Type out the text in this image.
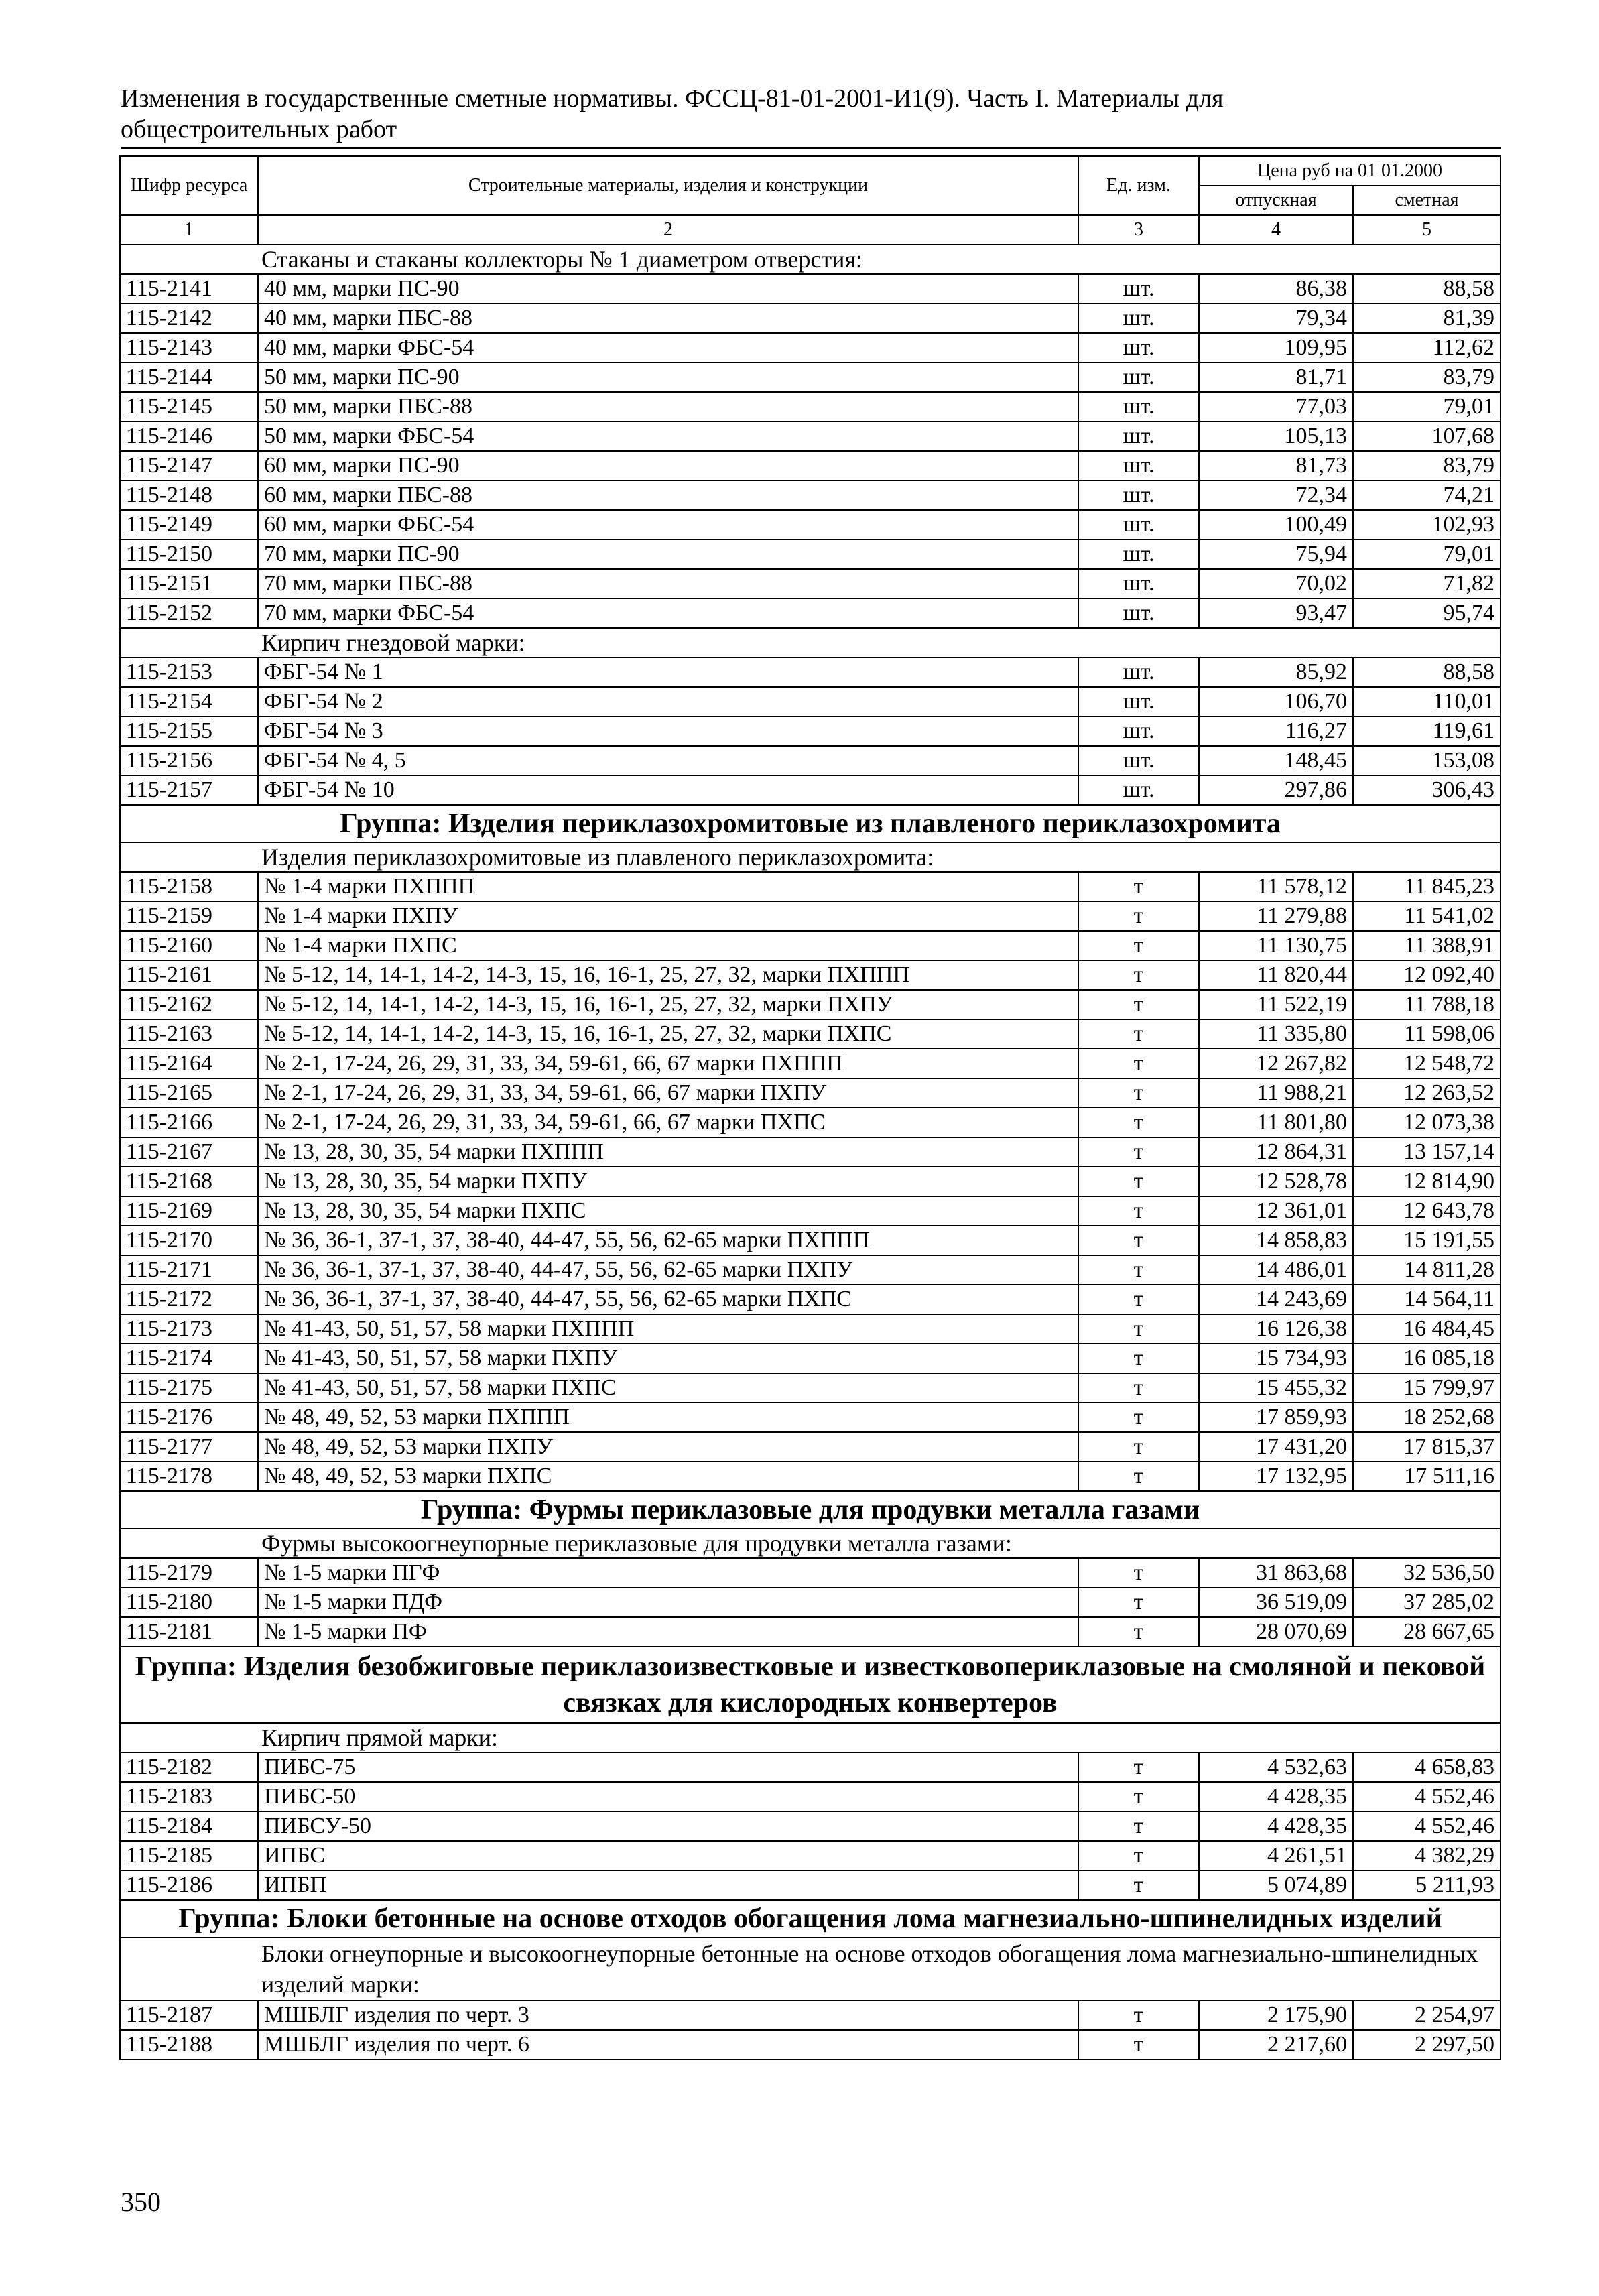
Изменения в государственные сметные нормативы. ФССЦ-81-01-2001-И1(9). Часть I. Материалы для
общестроительных работ
Шифр ресурса	Строительные материалы, изделия и конструкции	Ед. изм.	Цена руб на 01 01.2000	
			отпускная	сметная
1	2	3	4	5
Стаканы и стаканы коллекторы № 1 диаметром отверстия:				
115-2141	40 мм, марки ПС-90	шт.	86,38	88,58
115-2142	40 мм, марки ПБС-88	шт.	79,34	81,39
115-2143	40 мм, марки ФБС-54	шт.	109,95	112,62
115-2144	50 мм, марки ПС-90	шт.	81,71	83,79
115-2145	50 мм, марки ПБС-88	шт.	77,03	79,01
115-2146	50 мм, марки ФБС-54	шт.	105,13	107,68
115-2147	60 мм, марки ПС-90	шт.	81,73	83,79
115-2148	60 мм, марки ПБС-88	шт.	72,34	74,21
115-2149	60 мм, марки ФБС-54	шт.	100,49	102,93
115-2150	70 мм, марки ПС-90	шт.	75,94	79,01
115-2151	70 мм, марки ПБС-88	шт.	70,02	71,82
115-2152	70 мм, марки ФБС-54	шт.	93,47	95,74
Кирпич гнездовой марки:				
115-2153	ФБГ-54 № 1	шт.	85,92	88,58
115-2154	ФБГ-54 № 2	шт.	106,70	110,01
115-2155	ФБГ-54 № 3	шт.	116,27	119,61
115-2156	ФБГ-54 № 4, 5	шт.	148,45	153,08
115-2157	ФБГ-54 № 10	шт.	297,86	306,43
Группа: Изделия периклазохромитовые из плавленого периклазохромита				
Изделия периклазохромитовые из плавленого периклазохромита:				
115-2158	№ 1-4 марки ПХППП	т	11 578,12	11 845,23
115-2159	№ 1-4 марки ПХПУ	т	11 279,88	11 541,02
115-2160	№ 1-4 марки ПХПС	т	11 130,75	11 388,91
115-2161	№ 5-12, 14, 14-1, 14-2, 14-3, 15, 16, 16-1, 25, 27, 32, марки ПХППП	т	11 820,44	12 092,40
115-2162	№ 5-12, 14, 14-1, 14-2, 14-3, 15, 16, 16-1, 25, 27, 32, марки ПХПУ	т	11 522,19	11 788,18
115-2163	№ 5-12, 14, 14-1, 14-2, 14-3, 15, 16, 16-1, 25, 27, 32, марки ПХПС	т	11 335,80	11 598,06
115-2164	№ 2-1, 17-24, 26, 29, 31, 33, 34, 59-61, 66, 67 марки ПХППП	т	12 267,82	12 548,72
115-2165	№ 2-1, 17-24, 26, 29, 31, 33, 34, 59-61, 66, 67 марки ПХПУ	т	11 988,21	12 263,52
115-2166	№ 2-1, 17-24, 26, 29, 31, 33, 34, 59-61, 66, 67 марки ПХПС	т	11 801,80	12 073,38
115-2167	№ 13, 28, 30, 35, 54 марки ПХППП	т	12 864,31	13 157,14
115-2168	№ 13, 28, 30, 35, 54 марки ПХПУ	т	12 528,78	12 814,90
115-2169	№ 13, 28, 30, 35, 54 марки ПХПС	т	12 361,01	12 643,78
115-2170	№ 36, 36-1, 37-1, 37, 38-40, 44-47, 55, 56, 62-65 марки ПХППП	т	14 858,83	15 191,55
115-2171	№ 36, 36-1, 37-1, 37, 38-40, 44-47, 55, 56, 62-65 марки ПХПУ	т	14 486,01	14 811,28
115-2172	№ 36, 36-1, 37-1, 37, 38-40, 44-47, 55, 56, 62-65 марки ПХПС	т	14 243,69	14 564,11
115-2173	№ 41-43, 50, 51, 57, 58 марки ПХППП	т	16 126,38	16 484,45
115-2174	№ 41-43, 50, 51, 57, 58 марки ПХПУ	т	15 734,93	16 085,18
115-2175	№ 41-43, 50, 51, 57, 58 марки ПХПС	т	15 455,32	15 799,97
115-2176	№ 48, 49, 52, 53 марки ПХППП	т	17 859,93	18 252,68
115-2177	№ 48, 49, 52, 53 марки ПХПУ	т	17 431,20	17 815,37
115-2178	№ 48, 49, 52, 53 марки ПХПС	т	17 132,95	17 511,16
Группа: Фурмы периклазовые для продувки металла газами				
Фурмы высокоогнеупорные периклазовые для продувки металла газами:				
115-2179	№ 1-5 марки ПГФ	т	31 863,68	32 536,50
115-2180	№ 1-5 марки ПДФ	т	36 519,09	37 285,02
115-2181	№ 1-5 марки ПФ	т	28 070,69	28 667,65
Группа: Изделия безобжиговые периклазоизвестковые и известковопериклазовые на смоляной и пековой связках для кислородных конвертеров				
Кирпич прямой марки:				
115-2182	ПИБС-75	т	4 532,63	4 658,83
115-2183	ПИБС-50	т	4 428,35	4 552,46
115-2184	ПИБСУ-50	т	4 428,35	4 552,46
115-2185	ИПБС	т	4 261,51	4 382,29
115-2186	ИПБП	т	5 074,89	5 211,93
Группа: Блоки бетонные на основе отходов обогащения лома магнезиально-шпинелидных изделий				
Блоки огнеупорные и высокоогнеупорные бетонные на основе отходов обогащения лома магнезиально-шпинелидных изделий марки:				
115-2187	МШБЛГ изделия по черт. 3	т	2 175,90	2 254,97
115-2188	МШБЛГ изделия по черт. 6	т	2 217,60	2 297,50
350
